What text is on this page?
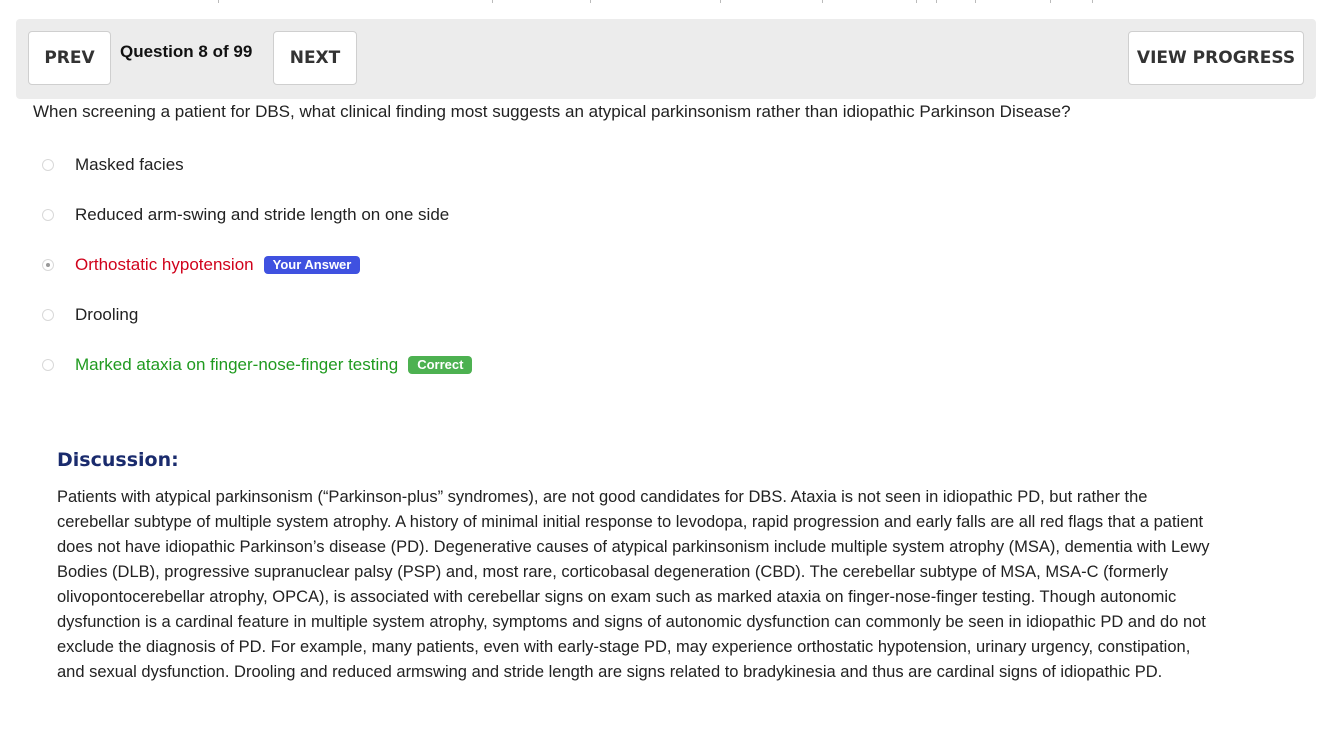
PREV	Question 8 of 99	NEXT	VIEW PROGRESS
When screening a patient for DBS, what clinical finding most suggests an atypical parkinsonism rather than idiopathic Parkinson Disease?
Masked facies
Reduced arm-swing and stride length on one side
Orthostatic hypotension	Your Answer
Drooling
Marked ataxia on finger-nose-finger testing	Correct
Discussion:
Patients with atypical parkinsonism (“Parkinson-plus” syndromes), are not good candidates for DBS. Ataxia is not seen in idiopathic PD, but rather the cerebellar subtype of multiple system atrophy. A history of minimal initial response to levodopa, rapid progression and early falls are all red flags that a patient does not have idiopathic Parkinson’s disease (PD). Degenerative causes of atypical parkinsonism include multiple system atrophy (MSA), dementia with Lewy Bodies (DLB), progressive supranuclear palsy (PSP) and, most rare, corticobasal degeneration (CBD). The cerebellar subtype of MSA, MSA-C (formerly olivopontocerebellar atrophy, OPCA), is associated with cerebellar signs on exam such as marked ataxia on finger-nose-finger testing. Though autonomic dysfunction is a cardinal feature in multiple system atrophy, symptoms and signs of autonomic dysfunction can commonly be seen in idiopathic PD and do not exclude the diagnosis of PD. For example, many patients, even with early-stage PD, may experience orthostatic hypotension, urinary urgency, constipation, and sexual dysfunction. Drooling and reduced armswing and stride length are signs related to bradykinesia and thus are cardinal signs of idiopathic PD.
